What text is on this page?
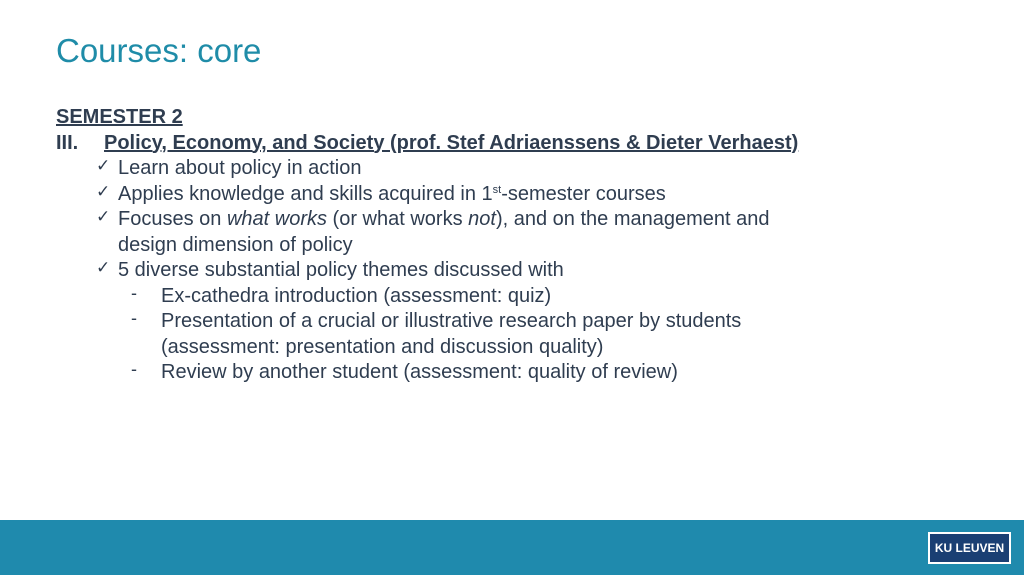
Courses: core
SEMESTER 2
III. Policy, Economy, and Society (prof. Stef Adriaenssens & Dieter Verhaest)
✓ Learn about policy in action
✓ Applies knowledge and skills acquired in 1st-semester courses
✓ Focuses on what works (or what works not), and on the management and design dimension of policy
✓ 5 diverse substantial policy themes discussed with
- Ex-cathedra introduction (assessment: quiz)
- Presentation of a crucial or illustrative research paper by students (assessment: presentation and discussion quality)
- Review by another student (assessment: quality of review)
KU LEUVEN
